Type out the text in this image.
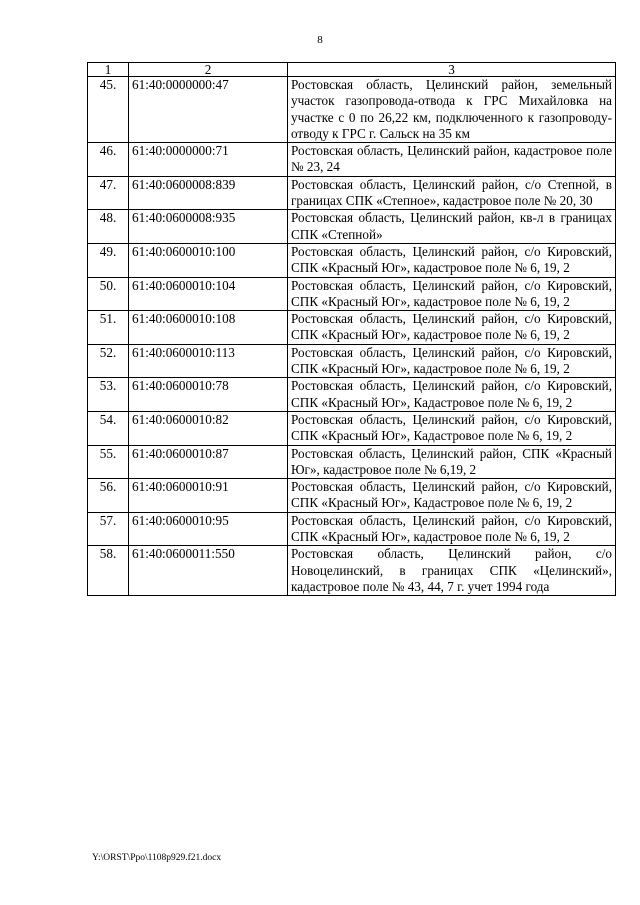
8
1	2	3
45.	61:40:0000000:47	Ростовская область, Целинский район, земельный участок газопровода-отвода к ГРС Михайловка на участке с 0 по 26,22 км, подключенного к газопроводу-отводу к ГРС г. Сальск на 35 км
46.	61:40:0000000:71	Ростовская область, Целинский район, кадастровое поле № 23, 24
47.	61:40:0600008:839	Ростовская область, Целинский район, с/о Степной, в границах СПК «Степное», кадастровое поле № 20, 30
48.	61:40:0600008:935	Ростовская область, Целинский район, кв-л в границах СПК «Степной»
49.	61:40:0600010:100	Ростовская область, Целинский район, с/о Кировский, СПК «Красный Юг», кадастровое поле № 6, 19, 2
50.	61:40:0600010:104	Ростовская область, Целинский район, с/о Кировский, СПК «Красный Юг», кадастровое поле № 6, 19, 2
51.	61:40:0600010:108	Ростовская область, Целинский район, с/о Кировский, СПК «Красный Юг», кадастровое поле № 6, 19, 2
52.	61:40:0600010:113	Ростовская область, Целинский район, с/о Кировский, СПК «Красный Юг», кадастровое поле № 6, 19, 2
53.	61:40:0600010:78	Ростовская область, Целинский район, с/о Кировский, СПК «Красный Юг», Кадастровое поле № 6, 19, 2
54.	61:40:0600010:82	Ростовская область, Целинский район, с/о Кировский, СПК «Красный Юг», Кадастровое поле № 6, 19, 2
55.	61:40:0600010:87	Ростовская область, Целинский район, СПК «Красный Юг», кадастровое поле № 6,19, 2
56.	61:40:0600010:91	Ростовская область, Целинский район, с/о Кировский, СПК «Красный Юг», Кадастровое поле № 6, 19, 2
57.	61:40:0600010:95	Ростовская область, Целинский район, с/о Кировский, СПК «Красный Юг», кадастровое поле № 6, 19, 2
58.	61:40:0600011:550	Ростовская область, Целинский район, с/о Новоцелинский, в границах СПК «Целинский», кадастровое поле № 43, 44, 7 г. учет 1994 года
Y:\ORST\Ppo\1108p929.f21.docx
